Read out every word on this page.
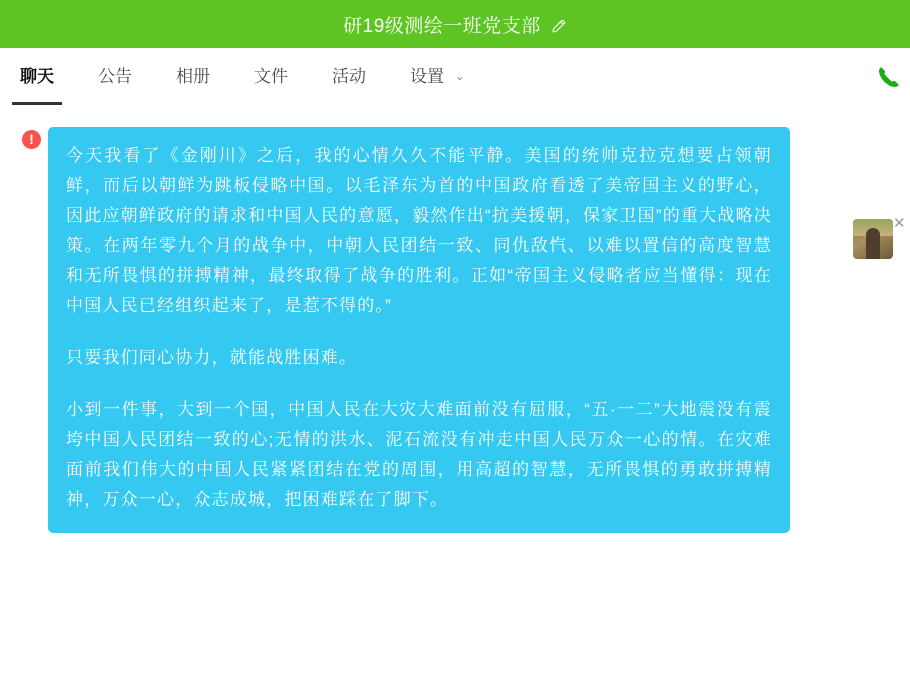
研19级测绘一班党支部
聊天	公告	相册	文件	活动	设置 ⌄
!

今天我看了《金刚川》之后，我的心情久久不能平静。美国的统帅克拉克想要占领朝鲜，而后以朝鲜为跳板侵略中国。以毛泽东为首的中国政府看透了美帝国主义的野心，因此应朝鲜政府的请求和中国人民的意愿，毅然作出“抗美援朝，保家卫国”的重大战略决策。在两年零九个月的战争中，中朝人民团结一致、同仇敌忾、以难以置信的高度智慧和无所畏惧的拼搏精神，最终取得了战争的胜利。正如“帝国主义侵略者应当懂得：现在中国人民已经组织起来了，是惹不得的。”

只要我们同心协力，就能战胜困难。

小到一件事，大到一个国，中国人民在大灾大难面前没有屈服，“五·一二”大地震没有震垮中国人民团结一致的心;无情的洪水、泥石流没有冲走中国人民万众一心的情。在灾难面前我们伟大的中国人民紧紧团结在党的周围，用高超的智慧，无所畏惧的勇敢拼搏精神，万众一心，众志成城，把困难踩在了脚下。

✕
